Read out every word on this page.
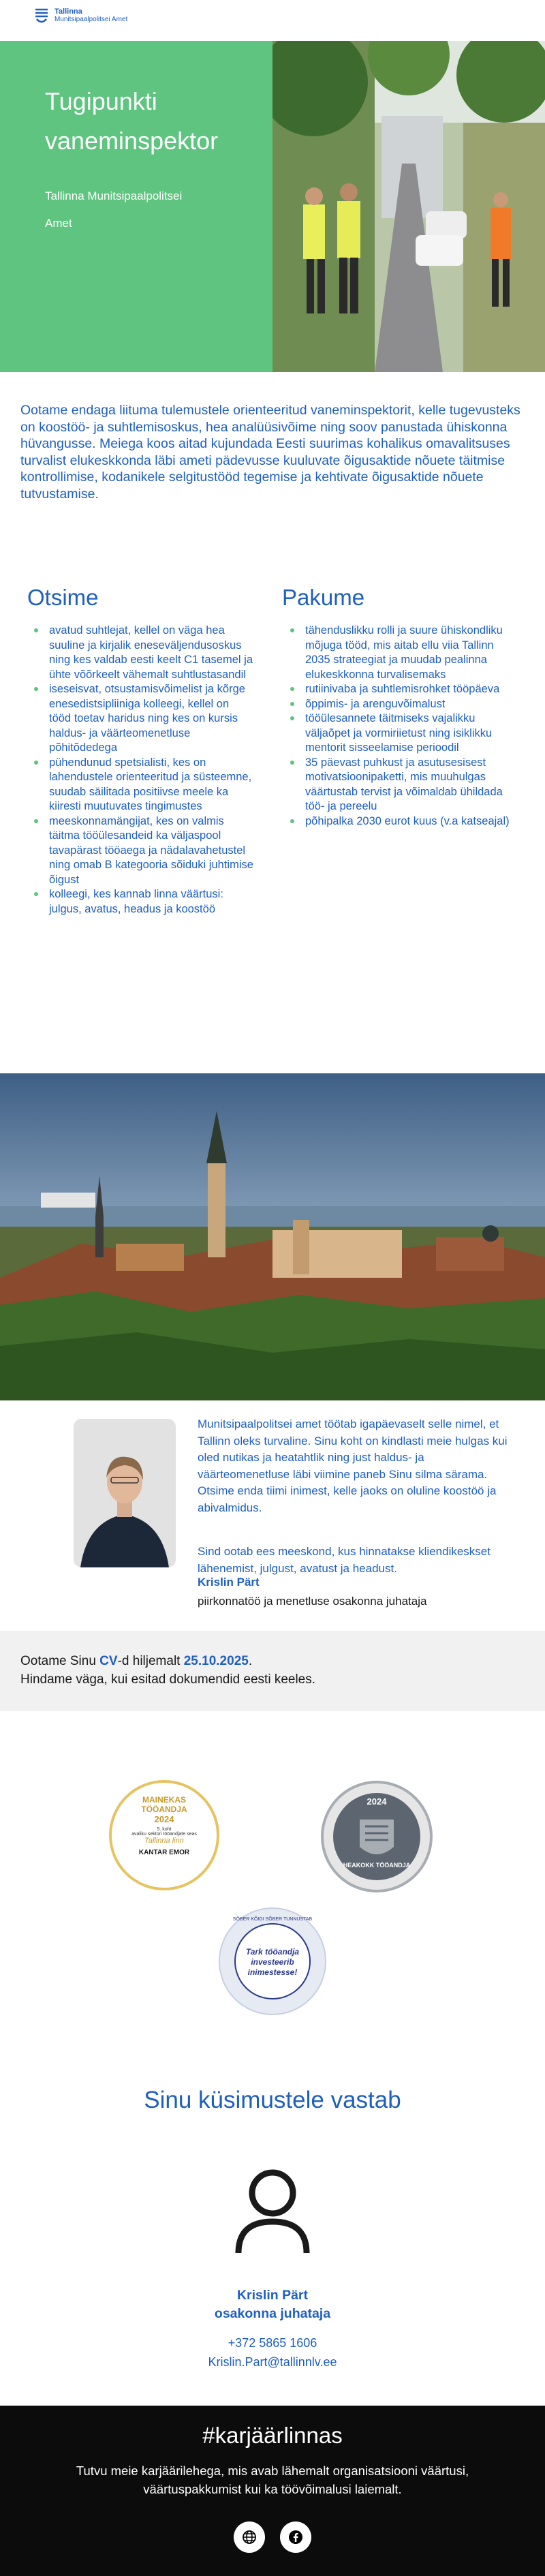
Tallinna
Munitsipaalpolitsei Amet
Tugipunkti vaneminspektor
Tallinna Munitsipaalpolitsei Amet
Ootame endaga liituma tulemustele orienteeritud vaneminspektorit, kelle tugevusteks on koostöö- ja suhtlemisoskus, hea analüüsivõime ning soov panustada ühiskonna hüvangusse. Meiega koos aitad kujundada Eesti suurimas kohalikus omavalitsuses turvalist elukeskkonda läbi ameti pädevusse kuuluvate õigusaktide nõuete täitmise kontrollimise, kodanikele selgitustööd tegemise ja kehtivate õigusaktide nõuete tutvustamise.
Otsime
avatud suhtlejat, kellel on väga hea suuline ja kirjalik eneseväljendusoskus ning kes valdab eesti keelt C1 tasemel ja ühte võõrkeelt vähemalt suhtlustasandil
iseseisvat, otsustamisvõimelist ja kõrge enesedistsipliiniga kolleegi, kellel on tööd toetav haridus ning kes on kursis haldus- ja väärteomenetluse põhitõdedega
pühendunud spetsialisti, kes on lahendustele orienteeritud ja süsteemne, suudab säilitada positiivse meele ka kiiresti muutuvates tingimustes
meeskonnamängijat, kes on valmis täitma tööülesandeid ka väljaspool tavapärast tööaega ja nädalavahetustel ning omab B kategooria sõiduki juhtimise õigust
kolleegi, kes kannab linna väärtusi: julgus, avatus, headus ja koostöö
Pakume
tähenduslikku rolli ja suure ühiskondliku mõjuga tööd, mis aitab ellu viia Tallinn 2035 strateegiat ja muudab pealinna elukeskkonna turvalisemaks
rutiinivaba ja suhtlemisrohket tööpäeva
õppimis- ja arenguvõimalust
tööülesannete täitmiseks vajalikku väljaõpet ja vormiriietust ning isiklikku mentorit sisseelamise perioodil
35 päevast puhkust ja asutusesisest motivatsioonipaketti, mis muuhulgas väärtustab tervist ja võimaldab ühildada töö- ja pereelu
põhipalka 2030 eurot kuus (v.a katseajal)
Munitsipaalpolitsei amet töötab igapäevaselt selle nimel, et Tallinn oleks turvaline. Sinu koht on kindlasti meie hulgas kui oled nutikas ja heatahtlik ning just haldus- ja väärteomenetluse läbi viimine paneb Sinu silma särama. Otsime enda tiimi inimest, kelle jaoks on oluline koostöö ja abivalmidus.
Sind ootab ees meeskond, kus hinnatakse kliendikeskset lähenemist, julgust, avatust ja headust.
Krislin Pärt
piirkonnatöö ja menetluse osakonna juhataja
Ootame Sinu CV-d hiljemalt 25.10.2025.
Hindame väga, kui esitad dokumendid eesti keeles.
MAINEKAS
TÖÖANDJA
2024
5. koht
avaliku sektori tööandjate seas
Tallinna linn
KANTAR EMOR
2024
HEAKOKK TÖÖANDJA
SÕBER KÕIGI SÕBER TUNNUSTAB
Tark tööandja
investeerib
inimestesse!
Sinu küsimustele vastab
Krislin Pärt
osakonna juhataja
+372 5865 1606
Krislin.Part@tallinnlv.ee
#karjäärlinnas
Tutvu meie karjäärilehega, mis avab lähemalt organisatsiooni väärtusi, väärtuspakkumist kui ka töövõimalusi laiemalt.
